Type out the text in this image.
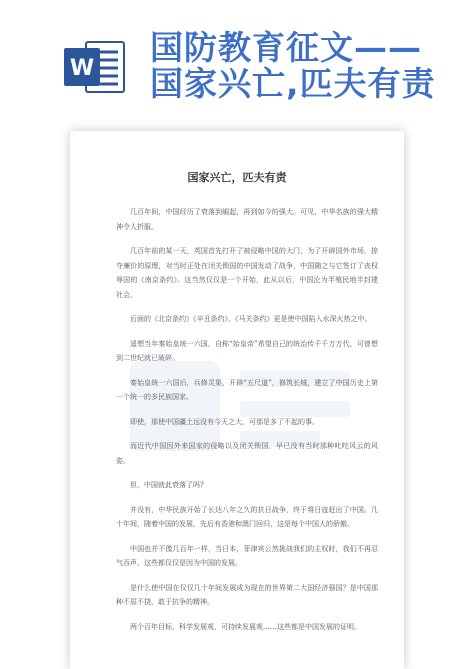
W
国防教育征文——
国家兴亡,匹夫有责
国家兴亡，匹夫有责

几百年间，中国经历了衰落到崛起，再到如今的强大。可见，中华名族的强大精神令人折服。

几百年前的某一天，英国首先打开了被侵略中国的大门，为了开辟国外市场，掠夺廉价的原理，对当时正处在闭关锁国的中国发动了战争，中国随之与它签订了丧权辱国的《南京条约》。这当然仅仅是一个开始，此从以后，中国沦为半殖民地半封建社会。

后面的《北京条约》《辛丑条约》，《马关条约》更是使中国陷入水深火热之中。

遥想当年秦始皇统一六国，自称“始皇帝”希望自己的统治传千千万万代，可曾想到二世纪就已破碎。

秦始皇统一六国后，兵修灵渠，开辟“五尺道”，修筑长城，建立了中国历史上第一个统一的多民族国家。

即使，那使中国疆土远没有今天之大，可那是多了不起的事。

而近代中国因外来国家的侵略以及闭关锁国，早已没有当时那种叱咤风云的风姿。

但，中国就此衰落了吗?

并没有，中华民族开始了长达八年之久的抗日战争，终于将日寇赶出了中国。几十年间，随着中国的发展，先后有香港和澳门回归，这是每个中国人的骄傲。

中国也并不像几百年一样，当日本，菲律宾公然挑战我们的主权时，我们不再忍气吞声。这些都仅仅是因为中国的发展。

是什么使中国在仅仅几十年间发展成为现在的世界第二大国经济强国？是中国那种不屈不挠，敢于抗争的精神。

两个百年目标，科学发展观，可持续发展观……这些都是中国发展的证明。
